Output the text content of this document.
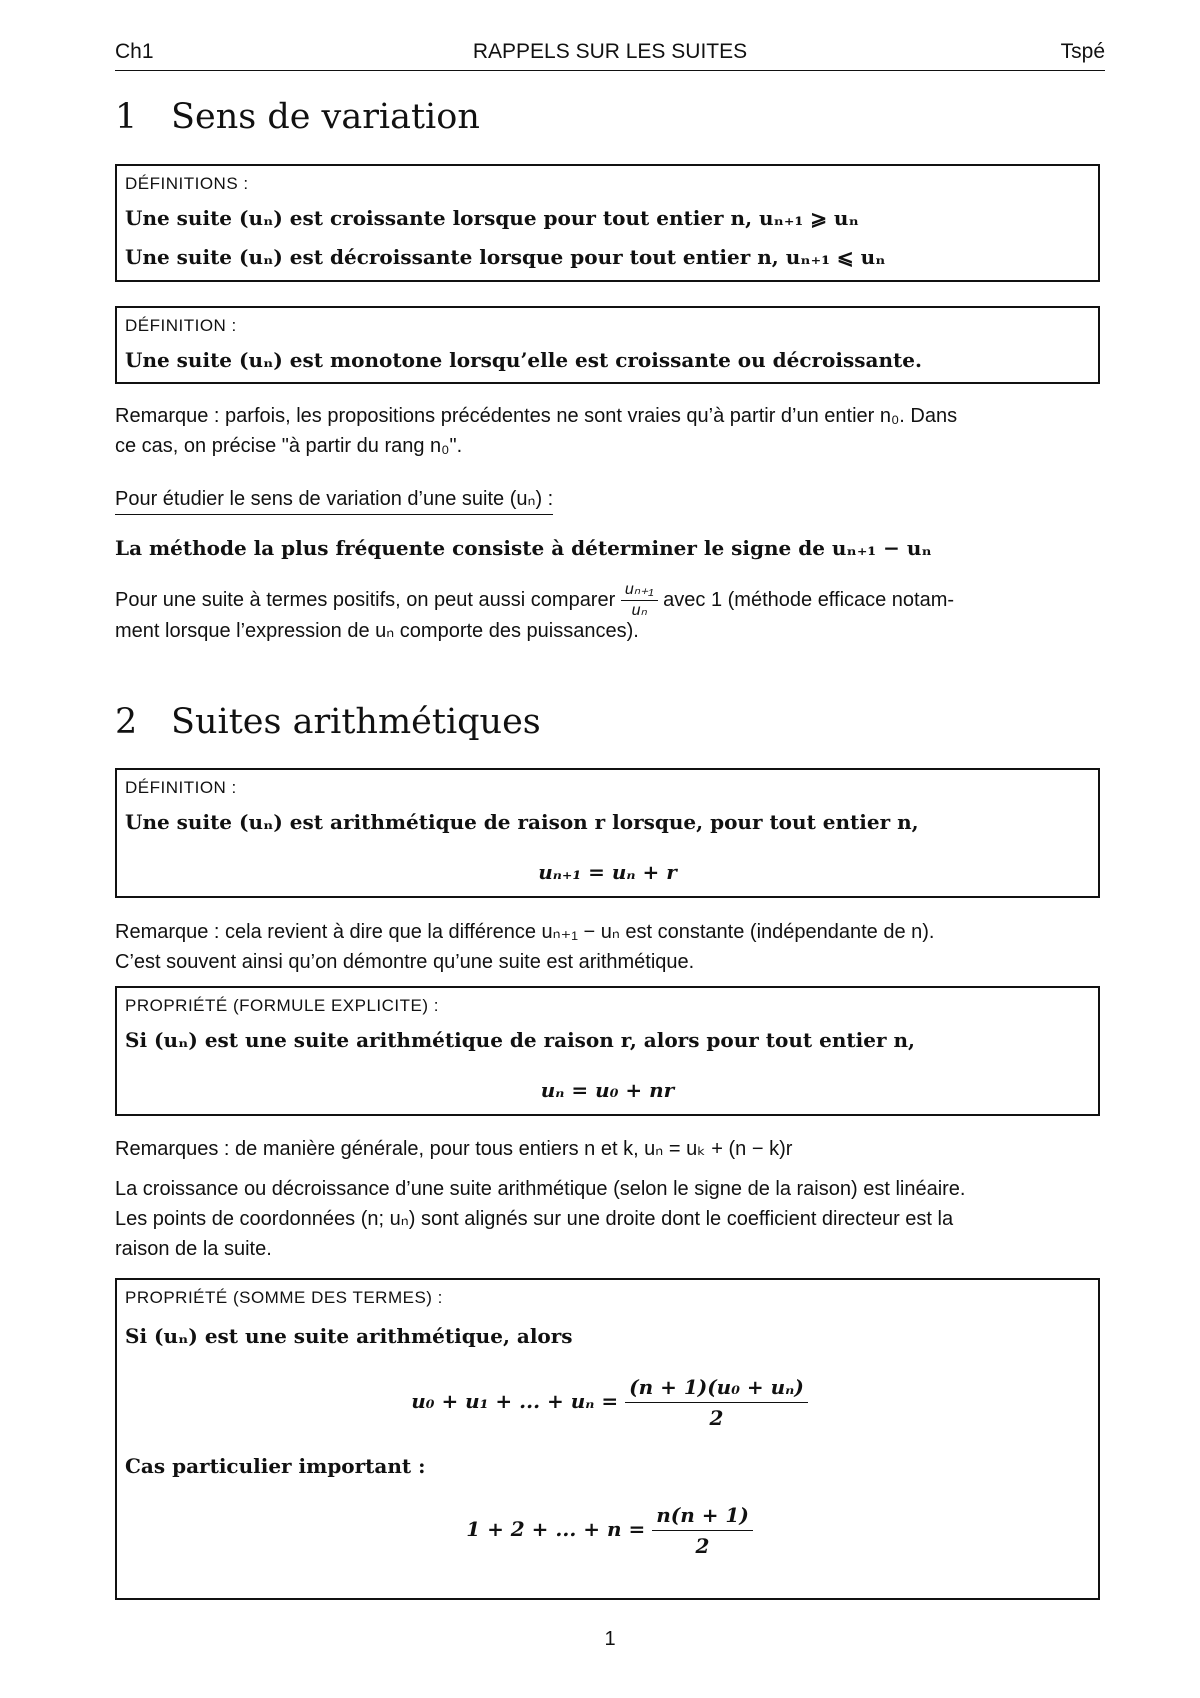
Ch1	RAPPELS SUR LES SUITES	Tspé
1 Sens de variation
DÉFINITIONS :
Une suite (uₙ) est croissante lorsque pour tout entier n, uₙ₊₁ ⩾ uₙ
Une suite (uₙ) est décroissante lorsque pour tout entier n, uₙ₊₁ ⩽ uₙ
DÉFINITION :
Une suite (uₙ) est monotone lorsqu’elle est croissante ou décroissante.
Remarque : parfois, les propositions précédentes ne sont vraies qu’à partir d’un entier n₀. Dans
ce cas, on précise "à partir du rang n₀".
Pour étudier le sens de variation d’une suite (uₙ) :
La méthode la plus fréquente consiste à déterminer le signe de uₙ₊₁ − uₙ
Pour une suite à termes positifs, on peut aussi comparer $\frac{\text{uₙ₊₁}}{\text{uₙ}}$ avec 1 (méthode efficace notam-
ment lorsque l’expression de uₙ comporte des puissances).
2 Suites arithmétiques
DÉFINITION :
Une suite (uₙ) est arithmétique de raison r lorsque, pour tout entier n,
uₙ₊₁ = uₙ + r
Remarque : cela revient à dire que la différence uₙ₊₁ − uₙ est constante (indépendante de n).
C’est souvent ainsi qu’on démontre qu’une suite est arithmétique.
PROPRIÉTÉ (FORMULE EXPLICITE) :
Si (uₙ) est une suite arithmétique de raison r, alors pour tout entier n,
uₙ = u₀ + nr
Remarques : de manière générale, pour tous entiers n et k, uₙ = uₖ + (n − k)r
La croissance ou décroissance d’une suite arithmétique (selon le signe de la raison) est linéaire.
Les points de coordonnées (n; uₙ) sont alignés sur une droite dont le coefficient directeur est la
raison de la suite.
PROPRIÉTÉ (SOMME DES TERMES) :
Si (uₙ) est une suite arithmétique, alors
u₀ + u₁ + ... + $u_n = \frac{\text{(n + 1)(u₀ + uₙ)}}{2}$
Cas particulier important :
1 + 2 + ... + $n = \frac{n(n + 1)}{2}$
1
